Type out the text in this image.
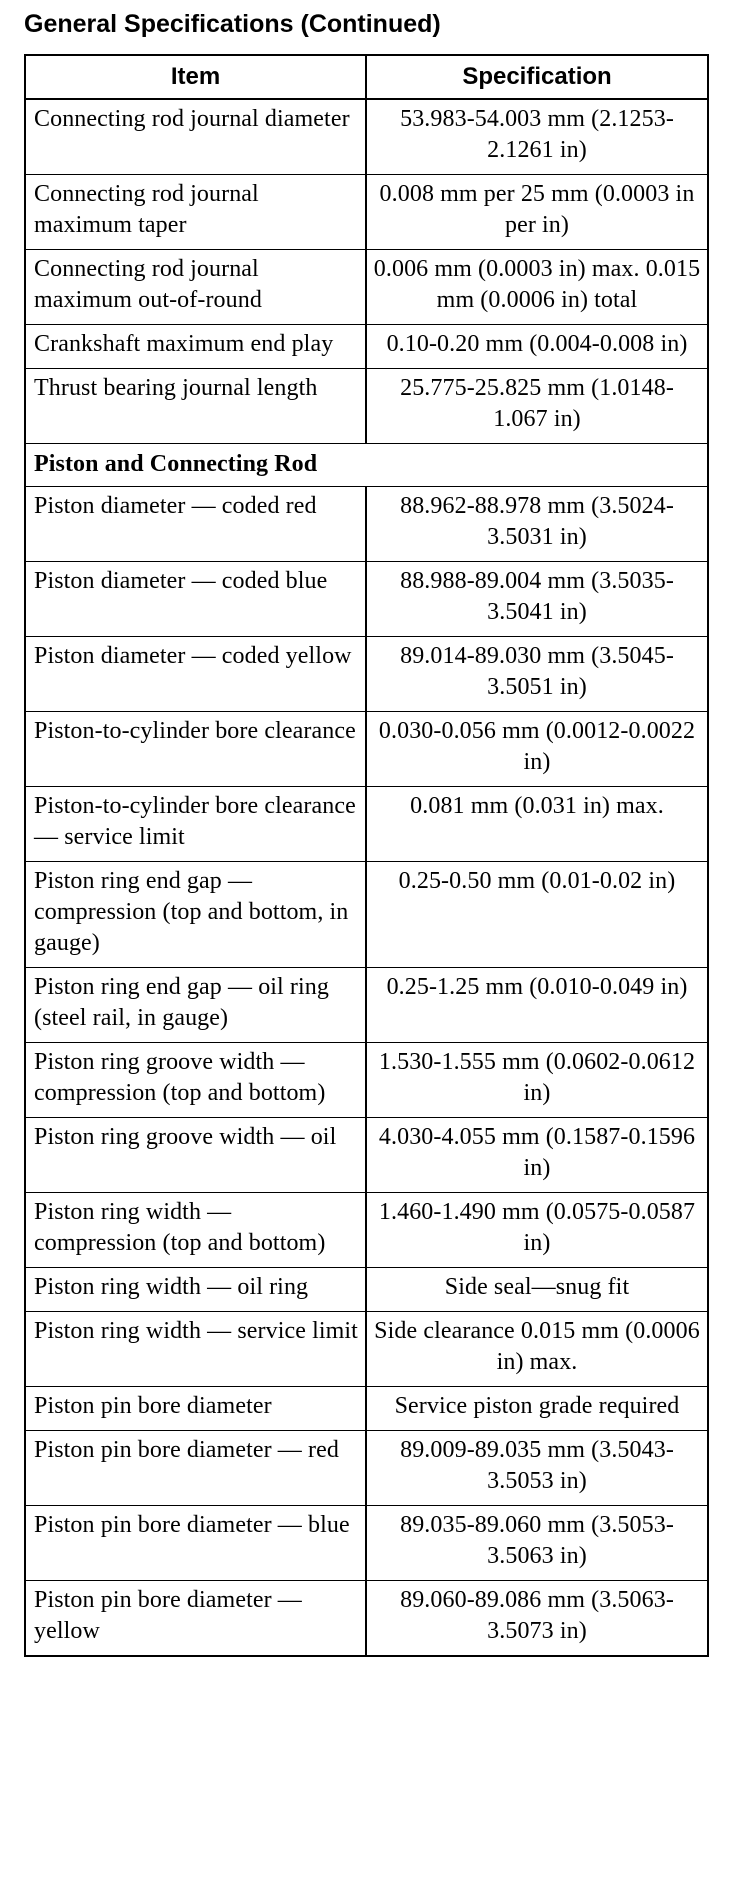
General Specifications (Continued)
Item	Specification
Connecting rod journal diameter	53.983-54.003 mm (2.1253-2.1261 in)
Connecting rod journal maximum taper	0.008 mm per 25 mm (0.0003 in per in)
Connecting rod journal maximum out-of-round	0.006 mm (0.0003 in) max. 0.015 mm (0.0006 in) total
Crankshaft maximum end play	0.10-0.20 mm (0.004-0.008 in)
Thrust bearing journal length	25.775-25.825 mm (1.0148-1.067 in)
Piston and Connecting Rod	
Piston diameter — coded red	88.962-88.978 mm (3.5024-3.5031 in)
Piston diameter — coded blue	88.988-89.004 mm (3.5035-3.5041 in)
Piston diameter — coded yellow	89.014-89.030 mm (3.5045-3.5051 in)
Piston-to-cylinder bore clearance	0.030-0.056 mm (0.0012-0.0022 in)
Piston-to-cylinder bore clearance — service limit	0.081 mm (0.031 in) max.
Piston ring end gap — compression (top and bottom, in gauge)	0.25-0.50 mm (0.01-0.02 in)
Piston ring end gap — oil ring (steel rail, in gauge)	0.25-1.25 mm (0.010-0.049 in)
Piston ring groove width — compression (top and bottom)	1.530-1.555 mm (0.0602-0.0612 in)
Piston ring groove width — oil	4.030-4.055 mm (0.1587-0.1596 in)
Piston ring width — compression (top and bottom)	1.460-1.490 mm (0.0575-0.0587 in)
Piston ring width — oil ring	Side seal—snug fit
Piston ring width — service limit	Side clearance 0.015 mm (0.0006 in) max.
Piston pin bore diameter	Service piston grade required
Piston pin bore diameter — red	89.009-89.035 mm (3.5043-3.5053 in)
Piston pin bore diameter — blue	89.035-89.060 mm (3.5053-3.5063 in)
Piston pin bore diameter — yellow	89.060-89.086 mm (3.5063-3.5073 in)
